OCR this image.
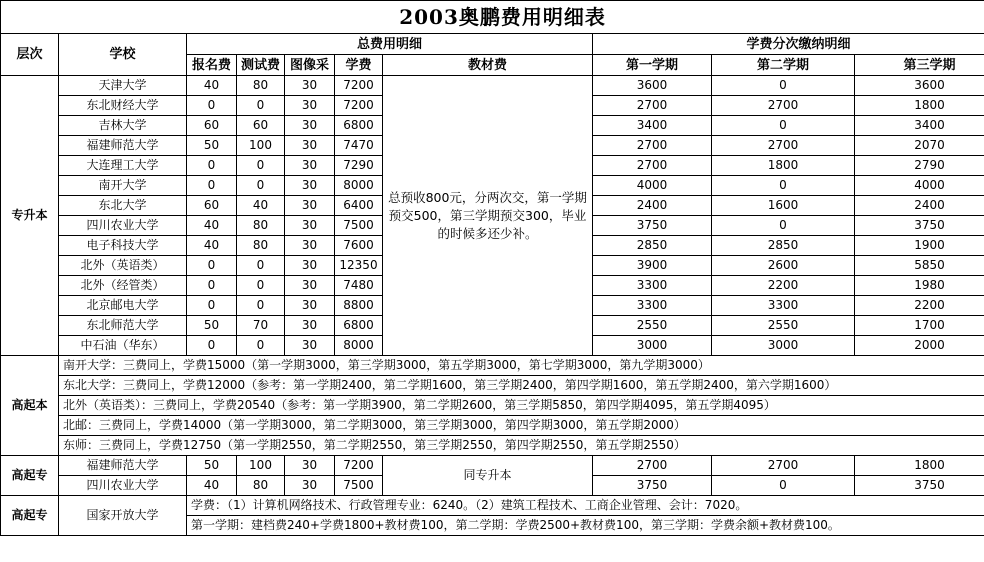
2003奥鹏费用明细表									
层次	学校	总费用明细					学费分次缴纳明细		
		报名费	测试费	图像采	学费	教材费	第一学期	第二学期	第三学期
专升本	天津大学	40	80	30	7200	总预收800元，分两次交，第一学期预交500，第三学期预交300，毕业的时候多还少补。	3600	0	3600
	东北财经大学	0	0	30	7200		2700	2700	1800
	吉林大学	60	60	30	6800		3400	0	3400
	福建师范大学	50	100	30	7470		2700	2700	2070
	大连理工大学	0	0	30	7290		2700	1800	2790
	南开大学	0	0	30	8000		4000	0	4000
	东北大学	60	40	30	6400		2400	1600	2400
	四川农业大学	40	80	30	7500		3750	0	3750
	电子科技大学	40	80	30	7600		2850	2850	1900
	北外（英语类）	0	0	30	12350		3900	2600	5850
	北外（经管类）	0	0	30	7480		3300	2200	1980
	北京邮电大学	0	0	30	8800		3300	3300	2200
	东北师范大学	50	70	30	6800		2550	2550	1700
	中石油（华东）	0	0	30	8000		3000	3000	2000
高起本	南开大学：三费同上，学费15000（第一学期3000，第三学期3000，第五学期3000，第七学期3000，第九学期3000）								
	东北大学：三费同上，学费12000（参考：第一学期2400，第二学期1600，第三学期2400，第四学期1600，第五学期2400，第六学期1600）								
	北外（英语类）：三费同上，学费20540（参考：第一学期3900，第二学期2600，第三学期5850，第四学期4095，第五学期4095）								
	北邮：三费同上，学费14000（第一学期3000，第二学期3000，第三学期3000，第四学期3000，第五学期2000）								
	东师：三费同上，学费12750（第一学期2550，第二学期2550，第三学期2550，第四学期2550，第五学期2550）								
高起专	福建师范大学	50	100	30	7200	同专升本	2700	2700	1800
	四川农业大学	40	80	30	7500		3750	0	3750
高起专	国家开放大学	学费：（1）计算机网络技术、行政管理专业：6240。（2）建筑工程技术、工商企业管理、会计：7020。							
		第一学期：建档费240+学费1800+教材费100，第二学期：学费2500+教材费100，第三学期：学费余额+教材费100。							
